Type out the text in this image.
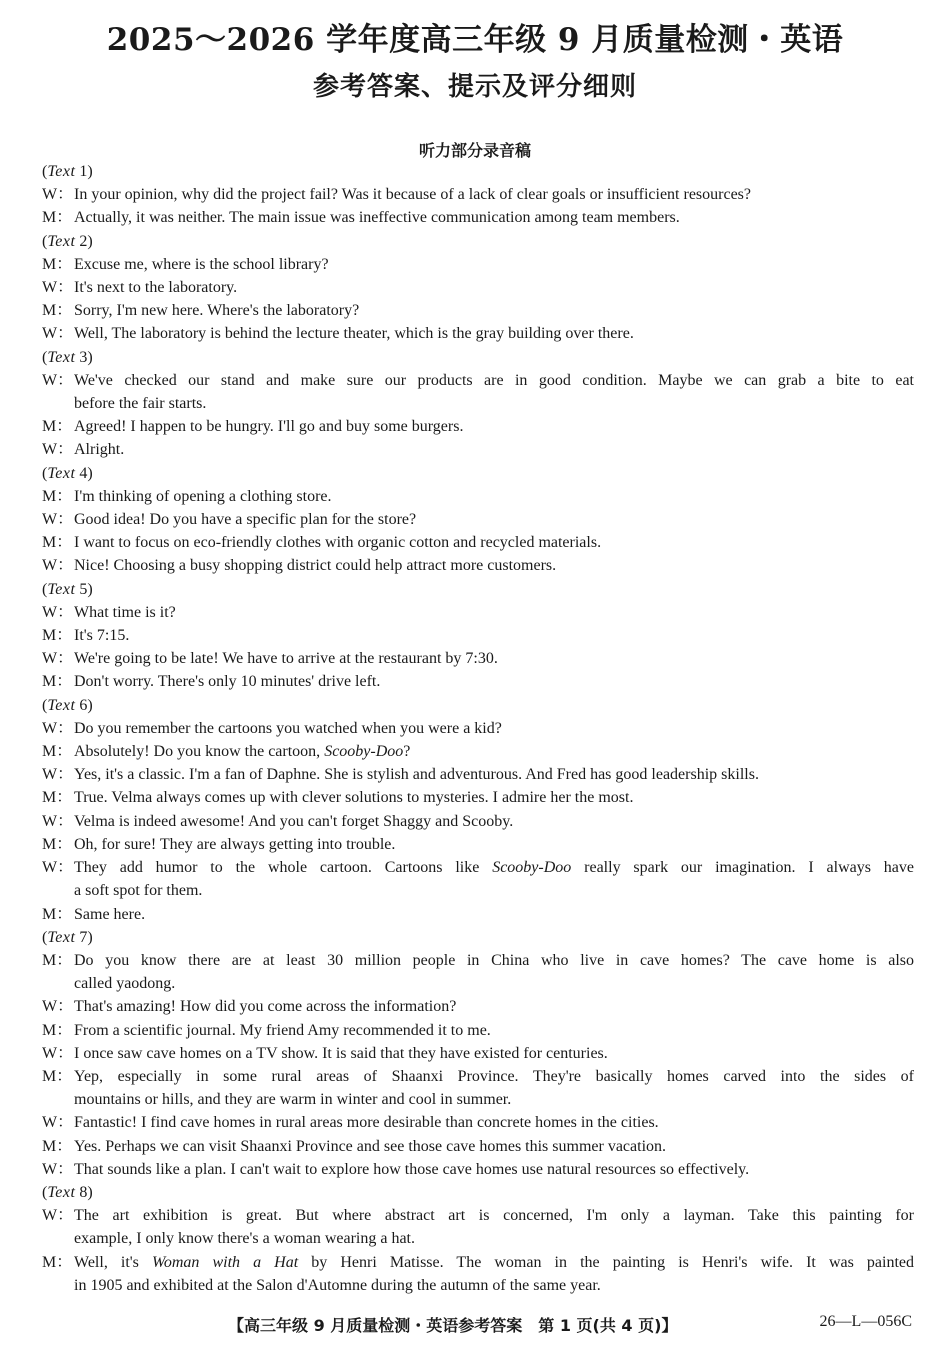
2025～2026 学年度高三年级 9 月质量检测・英语
参考答案、提示及评分细则
听力部分录音稿
(Text 1)
W： In your opinion, why did the project fail? Was it because of a lack of clear goals or insufficient resources?
M： Actually, it was neither. The main issue was ineffective communication among team members.
(Text 2)
M： Excuse me, where is the school library?
W： It's next to the laboratory.
M： Sorry, I'm new here. Where's the laboratory?
W： Well, The laboratory is behind the lecture theater, which is the gray building over there.
(Text 3)
W： We've checked our stand and make sure our products are in good condition. Maybe we can grab a bite to eat
before the fair starts.
M： Agreed! I happen to be hungry. I'll go and buy some burgers.
W： Alright.
(Text 4)
M： I'm thinking of opening a clothing store.
W： Good idea! Do you have a specific plan for the store?
M： I want to focus on eco-friendly clothes with organic cotton and recycled materials.
W： Nice! Choosing a busy shopping district could help attract more customers.
(Text 5)
W： What time is it?
M： It's 7:15.
W： We're going to be late! We have to arrive at the restaurant by 7:30.
M： Don't worry. There's only 10 minutes' drive left.
(Text 6)
W： Do you remember the cartoons you watched when you were a kid?
M： Absolutely! Do you know the cartoon, Scooby-Doo?
W： Yes, it's a classic. I'm a fan of Daphne. She is stylish and adventurous. And Fred has good leadership skills.
M： True. Velma always comes up with clever solutions to mysteries. I admire her the most.
W： Velma is indeed awesome! And you can't forget Shaggy and Scooby.
M： Oh, for sure! They are always getting into trouble.
W： They add humor to the whole cartoon. Cartoons like Scooby-Doo really spark our imagination. I always have
a soft spot for them.
M： Same here.
(Text 7)
M： Do you know there are at least 30 million people in China who live in cave homes? The cave home is also
called yaodong.
W： That's amazing! How did you come across the information?
M： From a scientific journal. My friend Amy recommended it to me.
W： I once saw cave homes on a TV show. It is said that they have existed for centuries.
M： Yep, especially in some rural areas of Shaanxi Province. They're basically homes carved into the sides of
mountains or hills, and they are warm in winter and cool in summer.
W： Fantastic! I find cave homes in rural areas more desirable than concrete homes in the cities.
M： Yes. Perhaps we can visit Shaanxi Province and see those cave homes this summer vacation.
W： That sounds like a plan. I can't wait to explore how those cave homes use natural resources so effectively.
(Text 8)
W： The art exhibition is great. But where abstract art is concerned, I'm only a layman. Take this painting for
example, I only know there's a woman wearing a hat.
M： Well, it's Woman with a Hat by Henri Matisse. The woman in the painting is Henri's wife. It was painted
in 1905 and exhibited at the Salon d'Automne during the autumn of the same year.
【高三年级 9 月质量检测・英语参考答案　第 1 页(共 4 页)】	26—L—056C
